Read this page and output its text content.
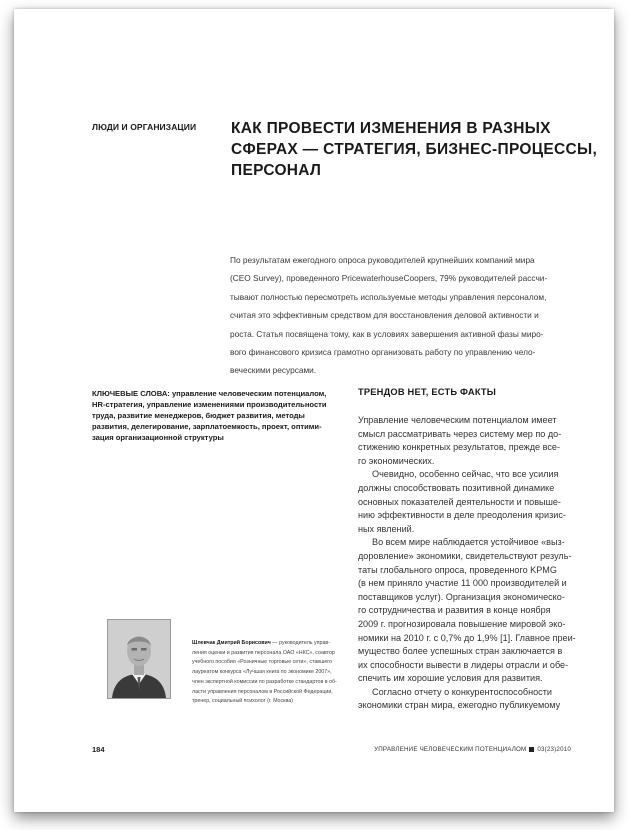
ЛЮДИ И ОРГАНИЗАЦИИ КАК ПРОВЕСТИ ИЗМЕНЕНИЯ В РАЗНЫХ
СФЕРАХ — СТРАТЕГИЯ, БИЗНЕС-ПРОЦЕССЫ,
ПЕРСОНАЛ
По результатам ежегодного опроса руководителей крупнейших компаний мира
(CEO Survey), проведенного PricewaterhouseCoopers, 79% руководителей рассчи-
тывают полностью пересмотреть используемые методы управления персоналом,
считая это эффективным средством для восстановления деловой активности и
роста. Статья посвящена тому, как в условиях завершения активной фазы миро-
вого финансового кризиса грамотно организовать работу по управлению чело-
веческими ресурсами.
КЛЮЧЕВЫЕ СЛОВА: управление человеческим потенциалом,
HR-стратегия, управление изменениями производительности
труда, развитие менеджеров, бюджет развития, методы
развития, делегирование, зарплатоемкость, проект, оптими-
зация организационной структуры
ТРЕНДОВ НЕТ, ЕСТЬ ФАКТЫ

Управление человеческим потенциалом имеет
смысл рассматривать через систему мер по до-
стижению конкретных результатов, прежде все-
го экономических.

Очевидно, особенно сейчас, что все усилия
должны способствовать позитивной динамике
основных показателей деятельности и повыше-
нию эффективности в деле преодоления кризис-
ных явлений.

Во всем мире наблюдается устойчивое «выз-
доровление» экономики, свидетельствуют резуль-
таты глобального опроса, проведенного KPMG
(в нем приняло участие 11 000 производителей и
поставщиков услуг). Организация экономическо-
го сотрудничества и развития в конце ноября
2009 г. прогнозировала повышение мировой эко-
номики на 2010 г. с 0,7% до 1,9% [1]. Главное преи-
мущество более успешных стран заключается в
их способности вывести в лидеры отрасли и обе-
спечить им хорошие условия для развития.

Согласно отчету о конкурентоспособности
экономики стран мира, ежегодно публикуемому

Шлевчак Дмитрий Борисович — руководитель управ-
ления оценки и развития персонала ОАО «НКС», соавтор
учебного пособия «Розничные торговые сети», ставшего
лауреатом конкурса «Лучшая книга по экономике 2007»,
член экспертной комиссии по разработке стандартов в об-
ласти управления персоналом в Российской Федерации,
тренер, социальный психолог (г. Москва)
184	УПРАВЛЕНИЕ ЧЕЛОВЕЧЕСКИМ ПОТЕНЦИАЛОМ 03(23)2010
